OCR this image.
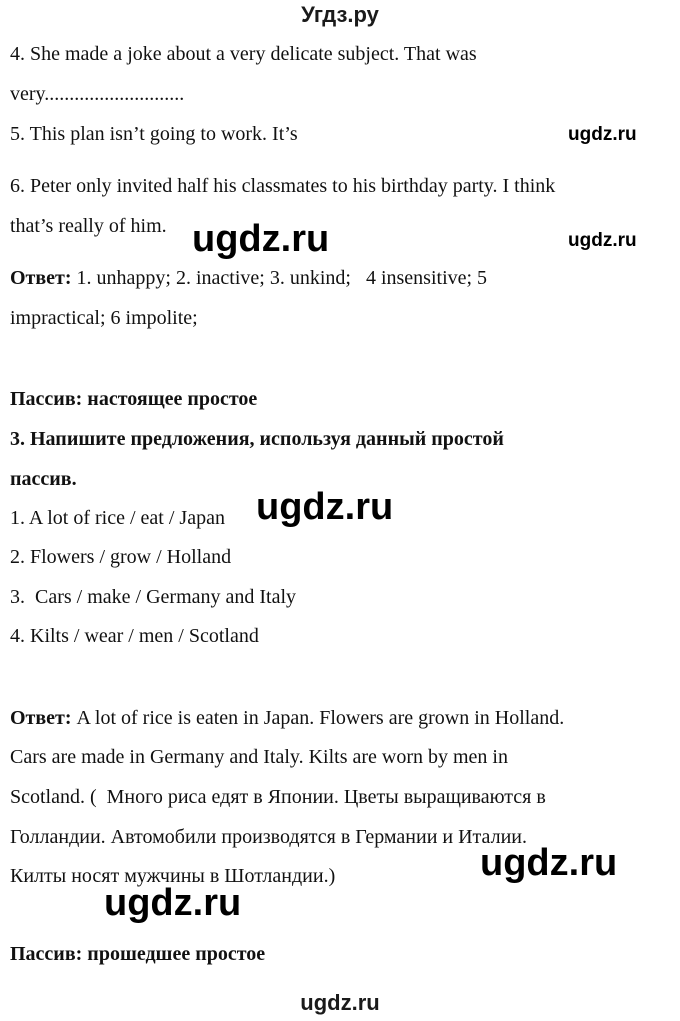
Угдз.ру
4. She made a joke about a very delicate subject. That was
very............................
5. This plan isn’t going to work. It’s
6. Peter only invited half his classmates to his birthday party. I think
that’s really of him.
Ответ: 1. unhappy; 2. inactive; 3. unkind;   4 insensitive; 5
impractical; 6 impolite;
Пассив: настоящее простое
3. Напишите предложения, используя данный простой
пассив.
1. A lot of rice / eat / Japan
2. Flowers / grow / Holland
3.  Cars / make / Germany and Italy
4. Kilts / wear / men / Scotland
Ответ: A lot of rice is eaten in Japan. Flowers are grown in Holland.
Cars are made in Germany and Italy. Kilts are worn by men in
Scotland. (  Много риса едят в Японии. Цветы выращиваются в
Голландии. Автомобили производятся в Германии и Италии.
Килты носят мужчины в Шотландии.)
Пассив: прошедшее простое
ugdz.ru
ugdz.ru
ugdz.ru
ugdz.ru
ugdz.ru
ugdz.ru
ugdz.ru
